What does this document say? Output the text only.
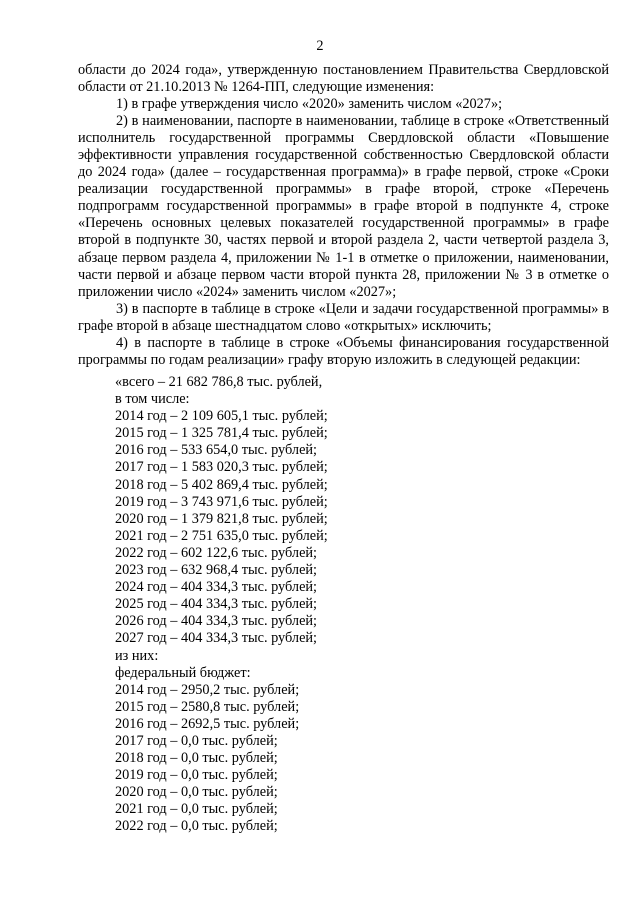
2

области до 2024 года», утвержденную постановлением Правительства Свердловской области от 21.10.2013 № 1264-ПП, следующие изменения:

1) в графе утверждения число «2020» заменить числом «2027»;

2) в наименовании, паспорте в наименовании, таблице в строке «Ответственный исполнитель государственной программы Свердловской области «Повышение эффективности управления государственной собственностью Свердловской области до 2024 года» (далее – государственная программа)» в графе первой, строке «Сроки реализации государственной программы» в графе второй, строке «Перечень подпрограмм государственной программы» в графе второй в подпункте 4, строке «Перечень основных целевых показателей государственной программы» в графе второй в подпункте 30, частях первой и второй раздела 2, части четвертой раздела 3, абзаце первом раздела 4, приложении № 1-1 в отметке о приложении, наименовании, части первой и абзаце первом части второй пункта 28, приложении № 3 в отметке о приложении число «2024» заменить числом «2027»;

3) в паспорте в таблице в строке «Цели и задачи государственной программы» в графе второй в абзаце шестнадцатом слово «открытых» исключить;

4) в паспорте в таблице в строке «Объемы финансирования государственной программы по годам реализации» графу вторую изложить в следующей редакции:

«всего – 21 682 786,8 тыс. рублей,
в том числе:
2014 год – 2 109 605,1 тыс. рублей;
2015 год – 1 325 781,4 тыс. рублей;
2016 год – 533 654,0 тыс. рублей;
2017 год – 1 583 020,3 тыс. рублей;
2018 год – 5 402 869,4 тыс. рублей;
2019 год – 3 743 971,6 тыс. рублей;
2020 год – 1 379 821,8 тыс. рублей;
2021 год – 2 751 635,0 тыс. рублей;
2022 год – 602 122,6 тыс. рублей;
2023 год – 632 968,4 тыс. рублей;
2024 год – 404 334,3 тыс. рублей;
2025 год – 404 334,3 тыс. рублей;
2026 год – 404 334,3 тыс. рублей;
2027 год – 404 334,3 тыс. рублей;
из них:
федеральный бюджет:
2014 год – 2950,2 тыс. рублей;
2015 год – 2580,8 тыс. рублей;
2016 год – 2692,5 тыс. рублей;
2017 год – 0,0 тыс. рублей;
2018 год – 0,0 тыс. рублей;
2019 год – 0,0 тыс. рублей;
2020 год – 0,0 тыс. рублей;
2021 год – 0,0 тыс. рублей;
2022 год – 0,0 тыс. рублей;
